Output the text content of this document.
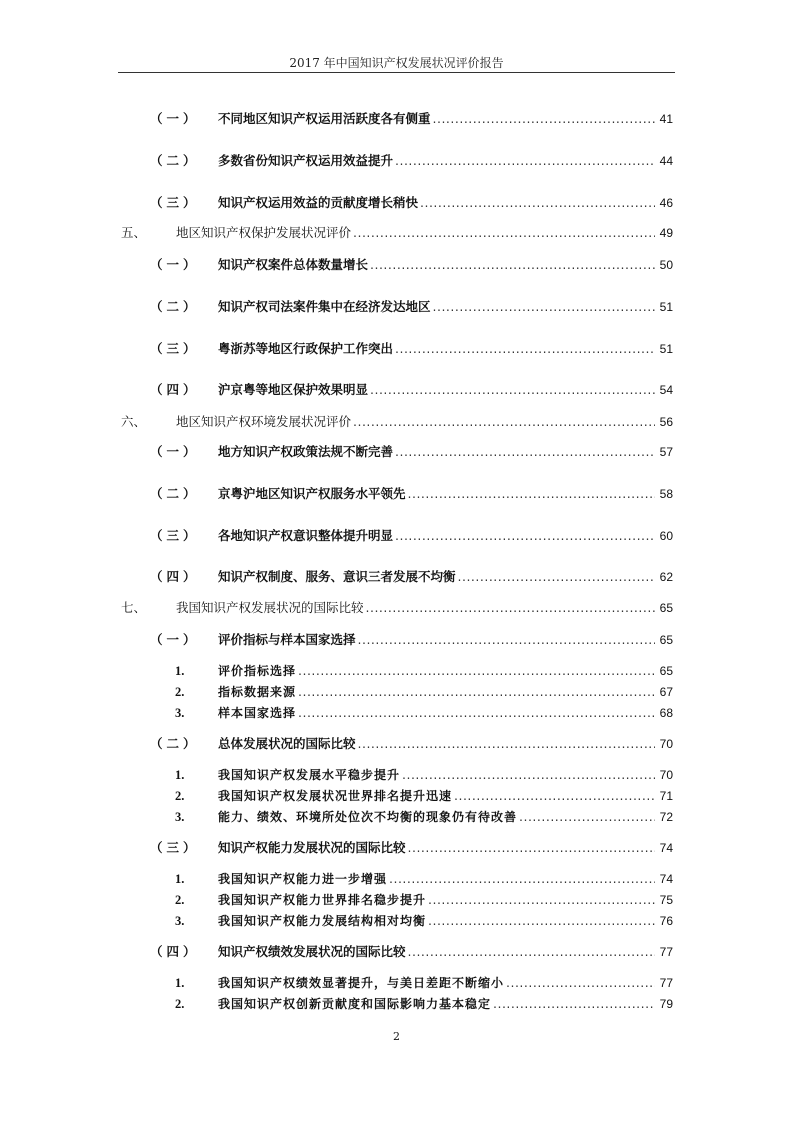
2017 年中国知识产权发展状况评价报告
（一） 不同地区知识产权运用活跃度各有侧重 .....	41
（二） 多数省份知识产权运用效益提升 .....	44
（三） 知识产权运用效益的贡献度增长稍快 .....	46
五、 地区知识产权保护发展状况评价 .....	49
（一） 知识产权案件总体数量增长 .....	50
（二） 知识产权司法案件集中在经济发达地区 .....	51
（三） 粤浙苏等地区行政保护工作突出 .....	51
（四） 沪京粤等地区保护效果明显 .....	54
六、 地区知识产权环境发展状况评价 .....	56
（一） 地方知识产权政策法规不断完善 .....	57
（二） 京粤沪地区知识产权服务水平领先 .....	58
（三） 各地知识产权意识整体提升明显 .....	60
（四） 知识产权制度、服务、意识三者发展不均衡 .....	62
七、 我国知识产权发展状况的国际比较 .....	65
（一） 评价指标与样本国家选择 .....	65
1.	评价指标选择 .....	65
2.	指标数据来源 .....	67
3.	样本国家选择 .....	68
（二） 总体发展状况的国际比较 .....	70
1.	我国知识产权发展水平稳步提升 .....	70
2.	我国知识产权发展状况世界排名提升迅速 .....	71
3.	能力、绩效、环境所处位次不均衡的现象仍有待改善 .....	72
（三） 知识产权能力发展状况的国际比较 .....	74
1.	我国知识产权能力进一步增强 .....	74
2.	我国知识产权能力世界排名稳步提升 .....	75
3.	我国知识产权能力发展结构相对均衡 .....	76
（四） 知识产权绩效发展状况的国际比较 .....	77
1.	我国知识产权绩效显著提升，与美日差距不断缩小 .....	77
2.	我国知识产权创新贡献度和国际影响力基本稳定 .....	79
2
